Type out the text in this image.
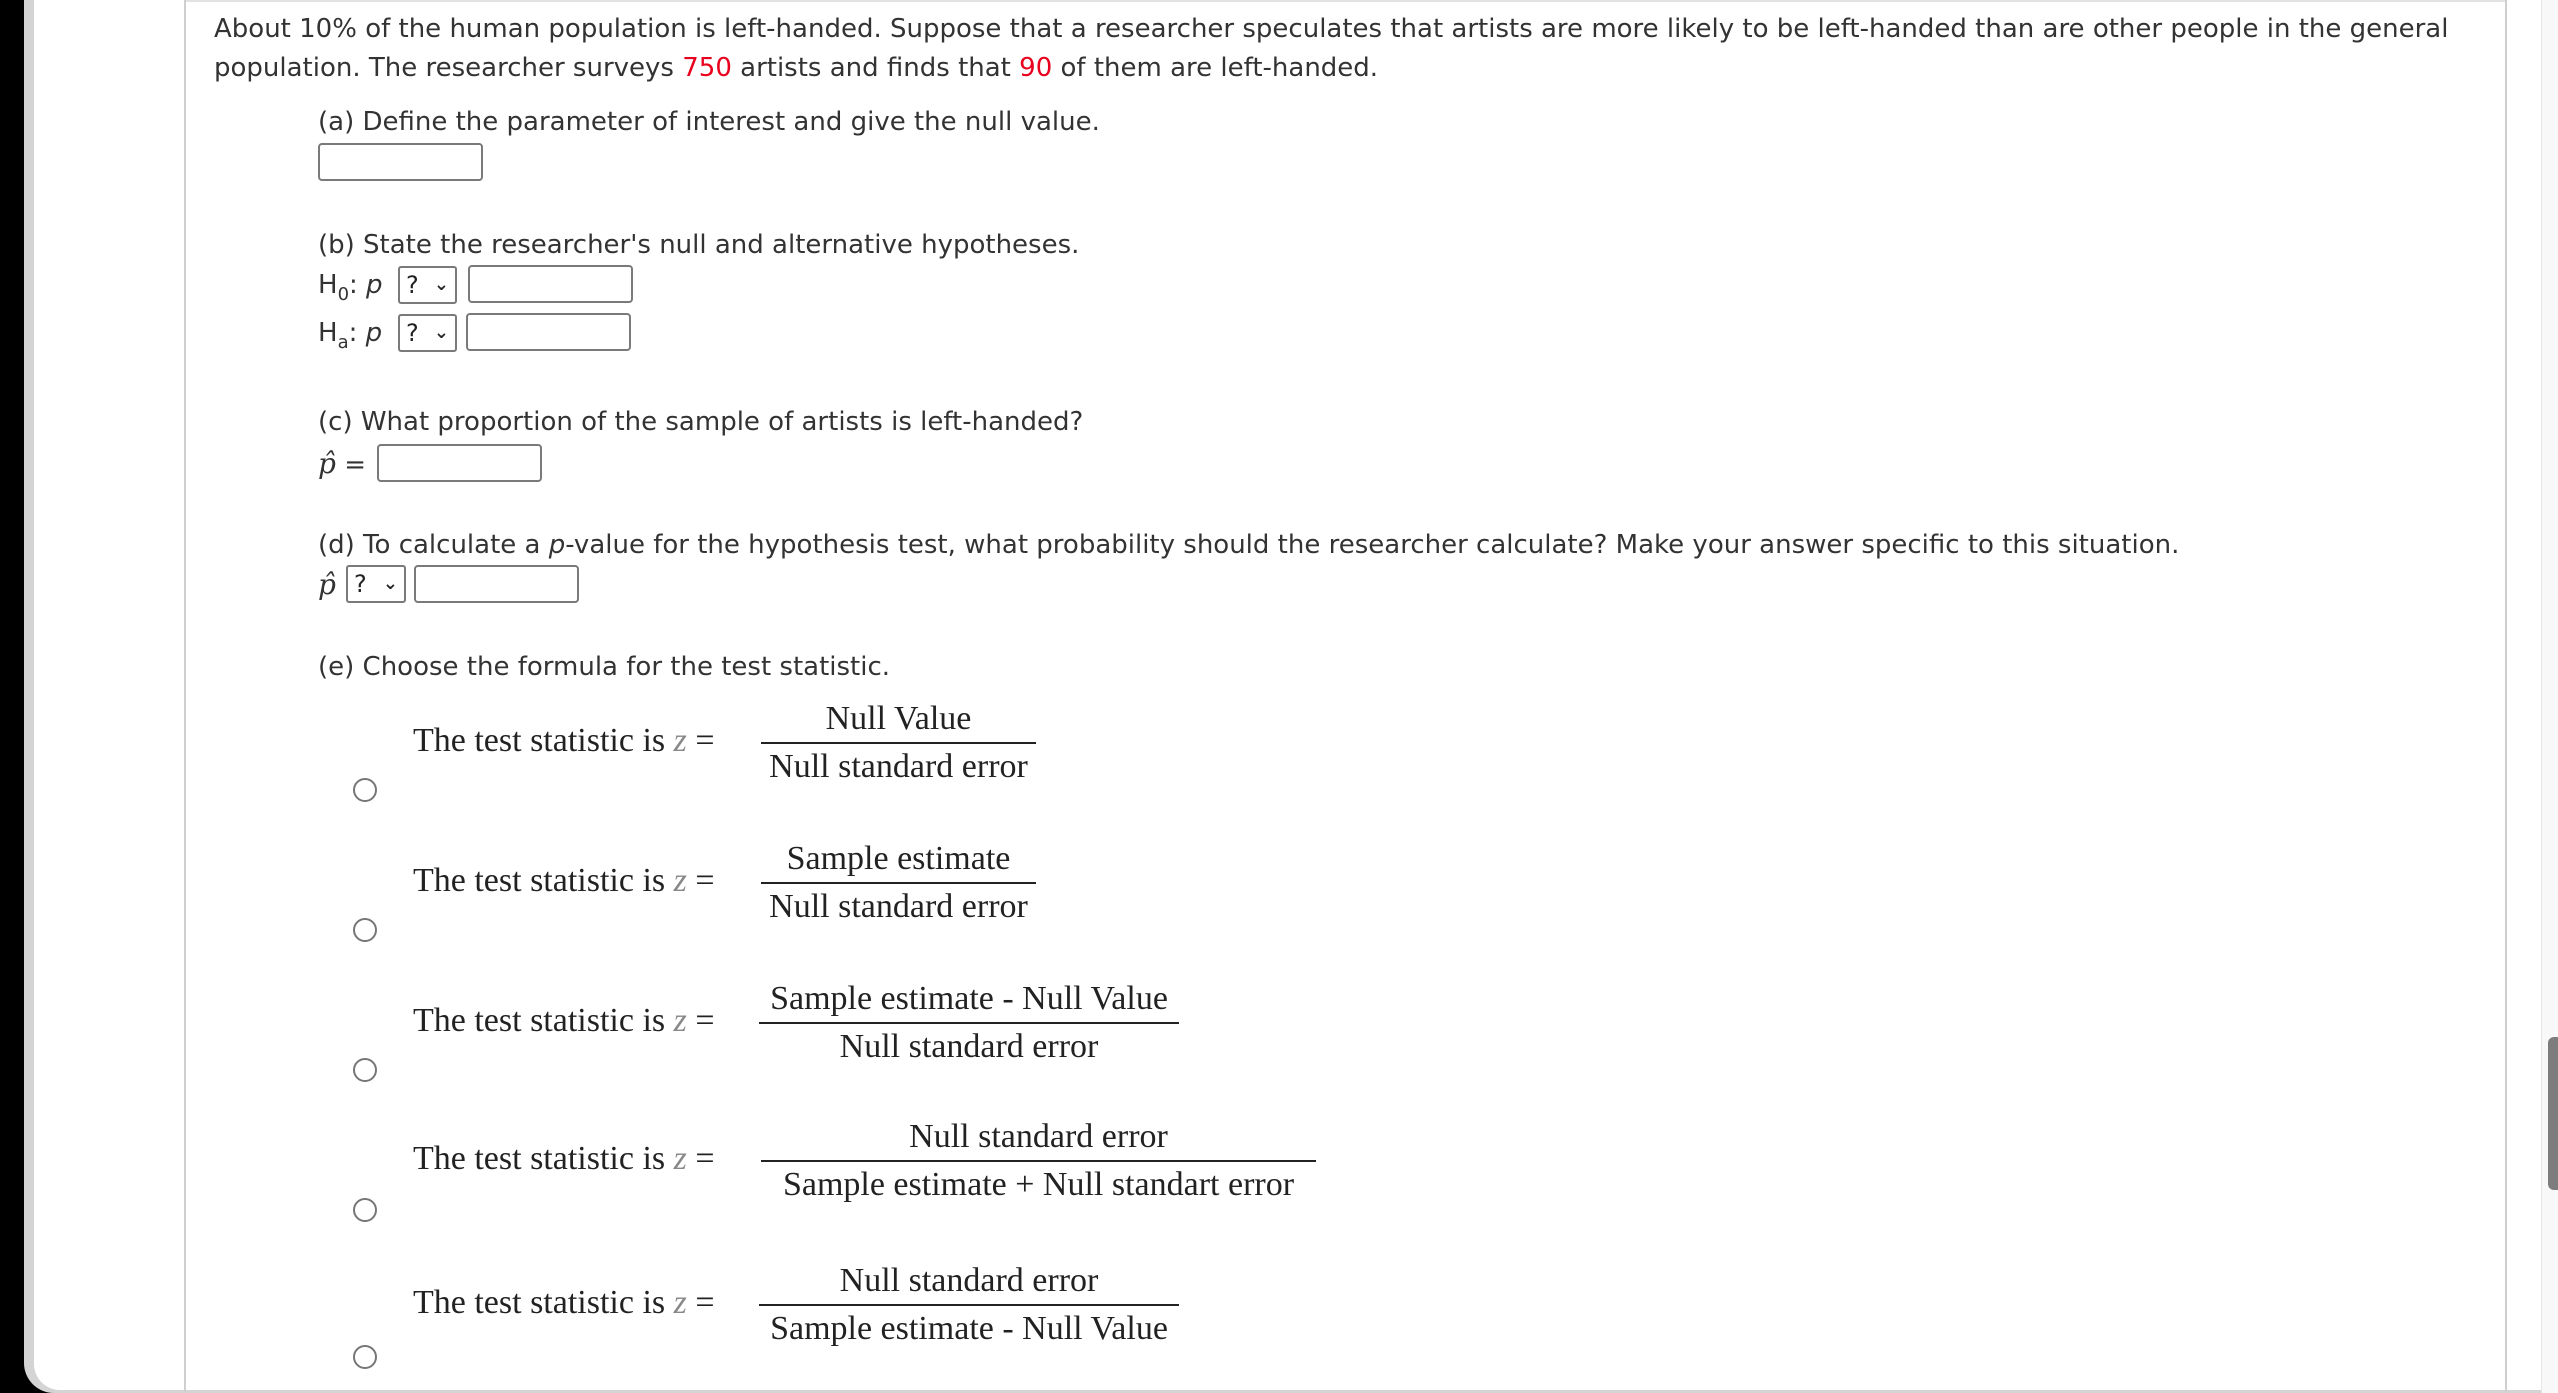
About 10% of the human population is left-handed. Suppose that a researcher speculates that artists are more likely to be left-handed than are other people in the general population. The researcher surveys 750 artists and finds that 90 of them are left-handed.
(a) Define the parameter of interest and give the null value.
(b) State the researcher's null and alternative hypotheses.
$H_0$: p ? ⌄
$H_a$: p ? ⌄
(c) What proportion of the sample of artists is left-handed?
p̂ =
(d) To calculate a p-value for the hypothesis test, what probability should the researcher calculate? Make your answer specific to this situation.
p̂ ? ⌄
(e) Choose the formula for the test statistic.
The test statistic is z =
Null Value
Null standard error
The test statistic is z =
Sample estimate
Null standard error
The test statistic is z =
Sample estimate - Null Value
Null standard error
The test statistic is z =
Null standard error
Sample estimate + Null standart error
The test statistic is z =
Null standard error
Sample estimate - Null Value
